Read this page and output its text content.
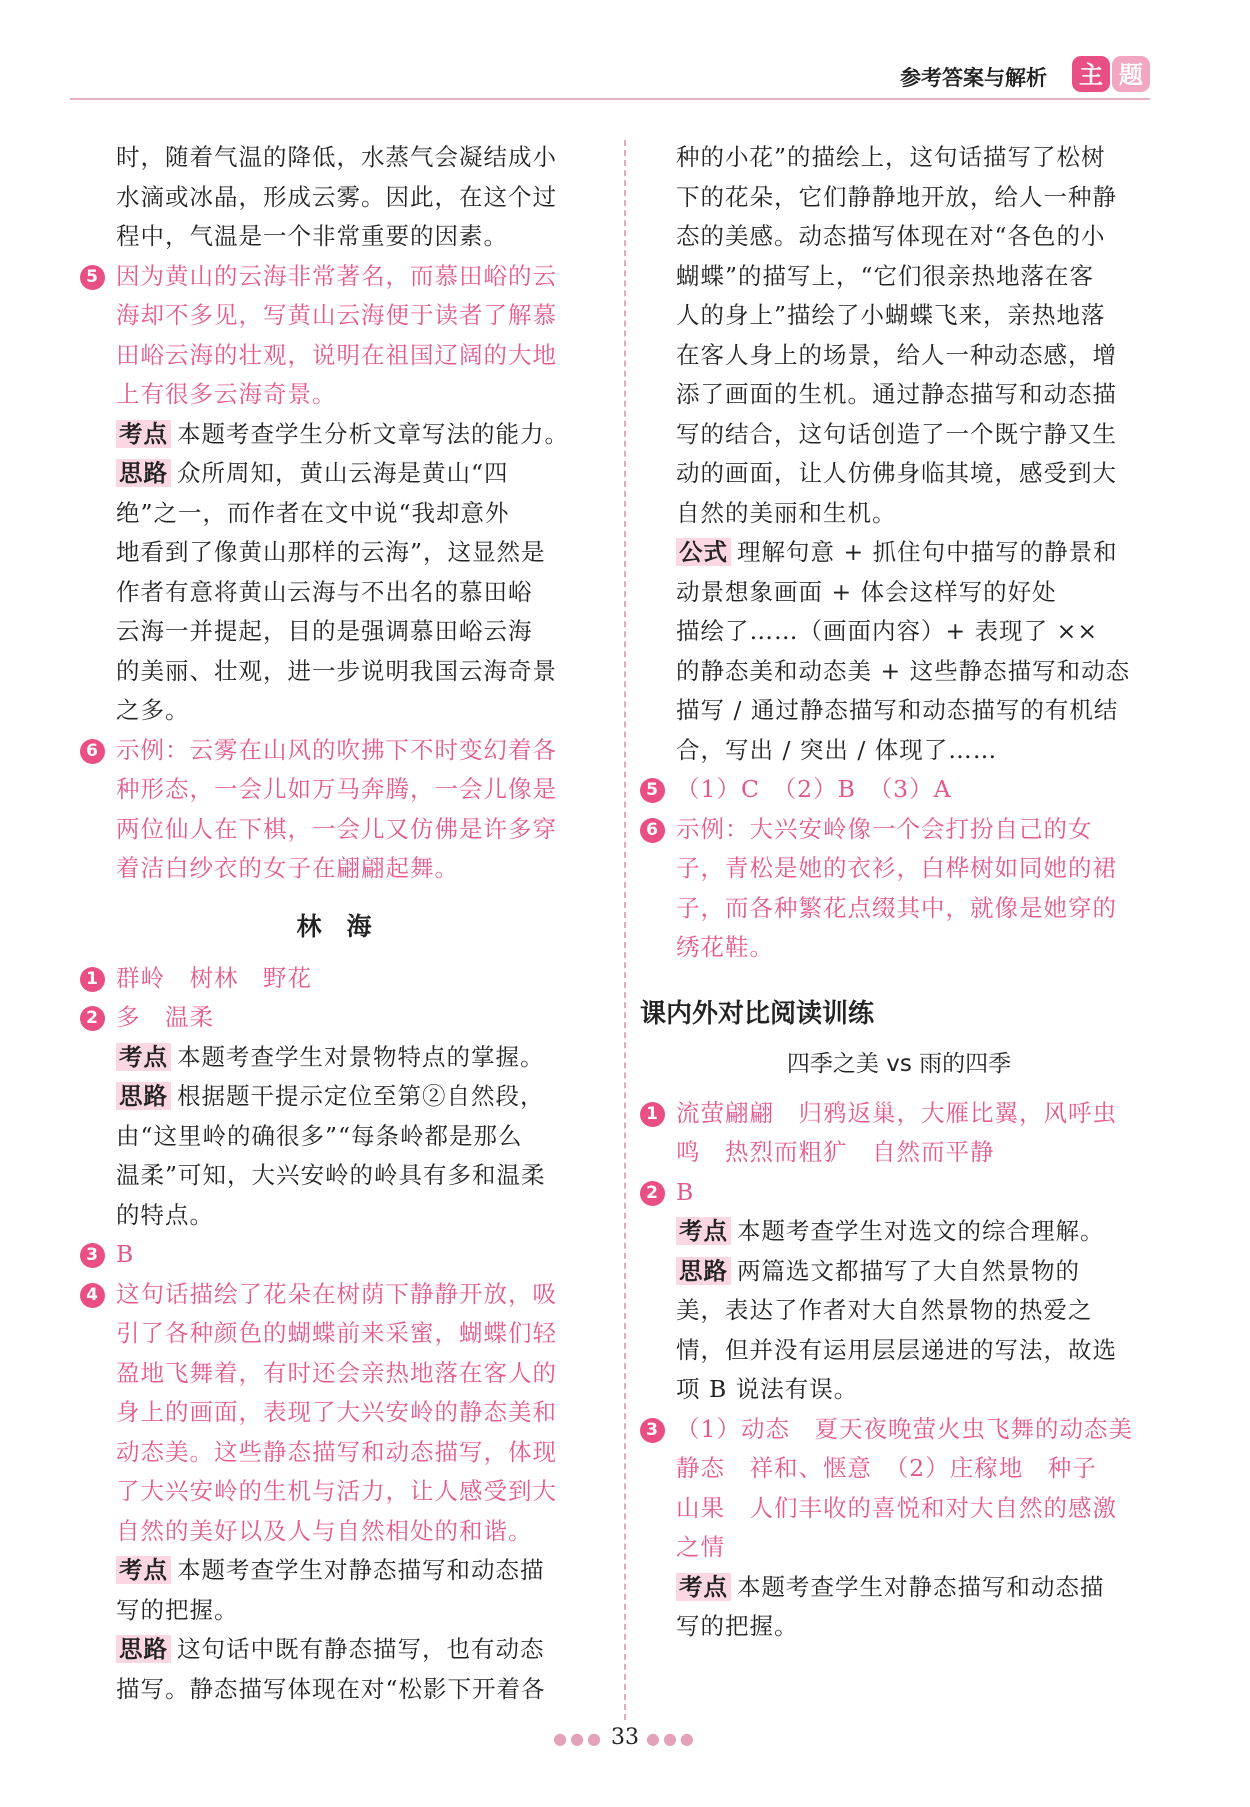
参考答案与解析 主 题
时，随着气温的降低，水蒸气会凝结成小
水滴或冰晶，形成云雾。因此，在这个过
程中，气温是一个非常重要的因素。
5 因为黄山的云海非常著名，而慕田峪的云
海却不多见，写黄山云海便于读者了解慕
田峪云海的壮观，说明在祖国辽阔的大地
上有很多云海奇景。
考点 本题考查学生分析文章写法的能力。
思路 众所周知，黄山云海是黄山“四
绝”之一，而作者在文中说“我却意外
地看到了像黄山那样的云海”，这显然是
作者有意将黄山云海与不出名的慕田峪
云海一并提起，目的是强调慕田峪云海
的美丽、壮观，进一步说明我国云海奇景
之多。
6 示例：云雾在山风的吹拂下不时变幻着各
种形态，一会儿如万马奔腾，一会儿像是
两位仙人在下棋，一会儿又仿佛是许多穿
着洁白纱衣的女子在翩翩起舞。
林　海
1 群岭　树林　野花
2 多　温柔
考点 本题考查学生对景物特点的掌握。
思路 根据题干提示定位至第②自然段，
由“这里岭的确很多”“每条岭都是那么
温柔”可知，大兴安岭的岭具有多和温柔
的特点。
3 B
4 这句话描绘了花朵在树荫下静静开放，吸
引了各种颜色的蝴蝶前来采蜜，蝴蝶们轻
盈地飞舞着，有时还会亲热地落在客人的
身上的画面，表现了大兴安岭的静态美和
动态美。这些静态描写和动态描写，体现
了大兴安岭的生机与活力，让人感受到大
自然的美好以及人与自然相处的和谐。
考点 本题考查学生对静态描写和动态描
写的把握。
思路 这句话中既有静态描写，也有动态
描写。静态描写体现在对“松影下开着各
种的小花”的描绘上，这句话描写了松树
下的花朵，它们静静地开放，给人一种静
态的美感。动态描写体现在对“各色的小
蝴蝶”的描写上，“它们很亲热地落在客
人的身上”描绘了小蝴蝶飞来，亲热地落
在客人身上的场景，给人一种动态感，增
添了画面的生机。通过静态描写和动态描
写的结合，这句话创造了一个既宁静又生
动的画面，让人仿佛身临其境，感受到大
自然的美丽和生机。
公式 理解句意 + 抓住句中描写的静景和
动景想象画面 + 体会这样写的好处
描绘了……（画面内容）+ 表现了 ××
的静态美和动态美 + 这些静态描写和动态
描写 / 通过静态描写和动态描写的有机结
合，写出 / 突出 / 体现了……
5 （1）C　（2）B　（3）A
6 示例：大兴安岭像一个会打扮自己的女
子，青松是她的衣衫，白桦树如同她的裙
子，而各种繁花点缀其中，就像是她穿的
绣花鞋。
课内外对比阅读训练
四季之美 vs 雨的四季
1 流萤翩翩　归鸦返巢，大雁比翼，风呼虫
鸣　热烈而粗犷　自然而平静
2 B
考点 本题考查学生对选文的综合理解。
思路 两篇选文都描写了大自然景物的
美，表达了作者对大自然景物的热爱之
情，但并没有运用层层递进的写法，故选
项 B 说法有误。
3 （1）动态　夏天夜晚萤火虫飞舞的动态美
静态　祥和、惬意　（2）庄稼地　种子
山果　人们丰收的喜悦和对大自然的感激
之情
考点 本题考查学生对静态描写和动态描
写的把握。
●●● 33 ●●●
